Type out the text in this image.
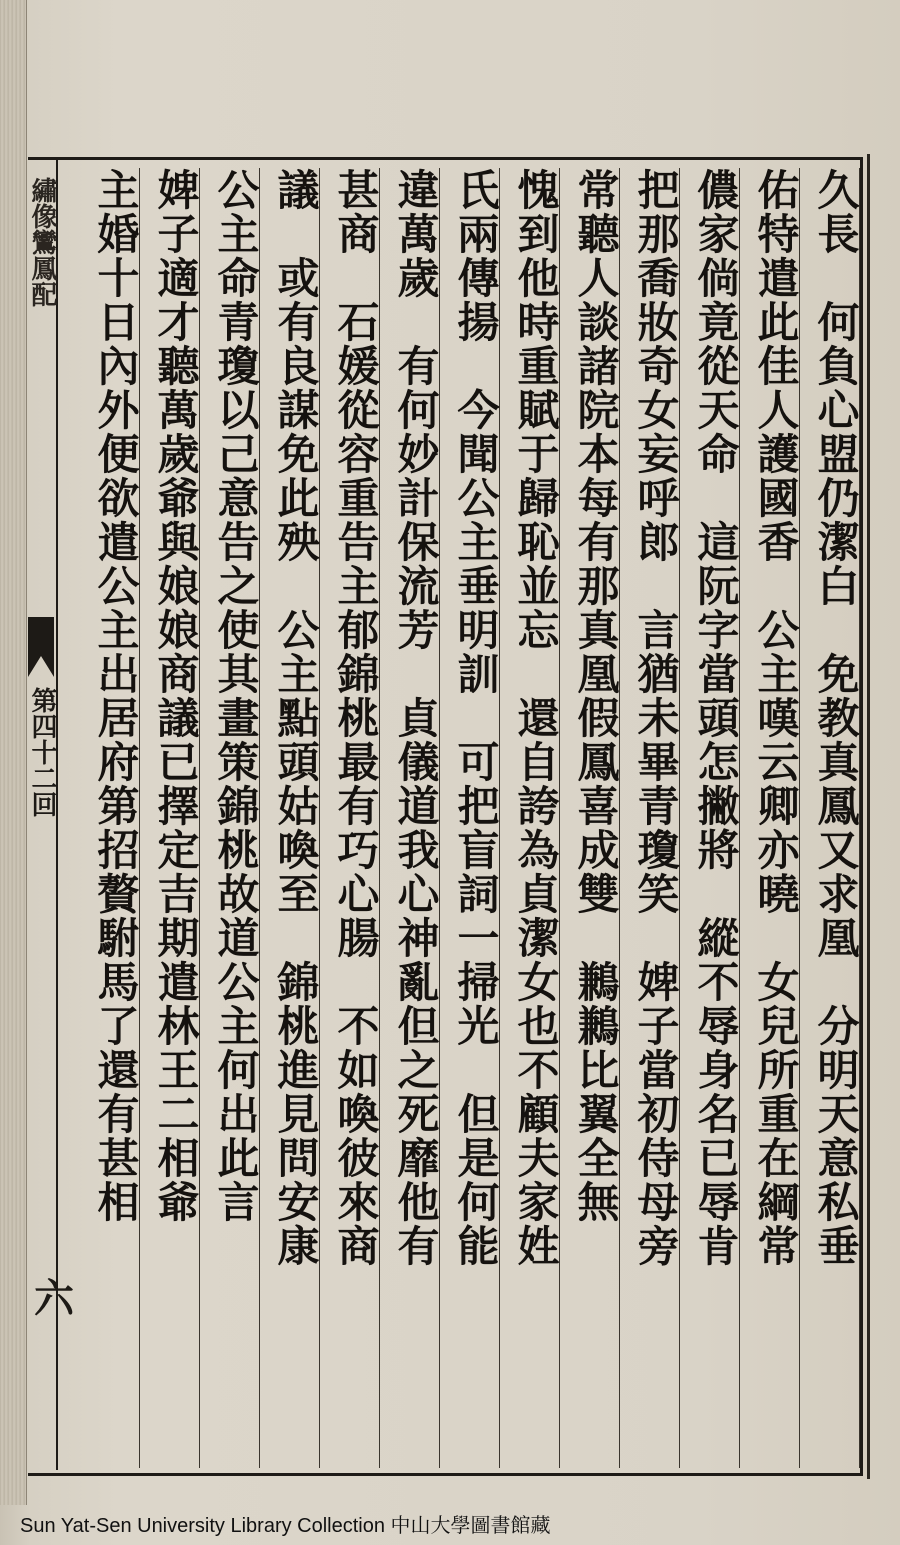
繡像鸞鳳配
第四十二回
六
久長　何負心盟仍潔白　免教真鳳又求凰　分明天意私垂
佑特遣此佳人護國香　公主嘆云卿亦曉　女兒所重在綱常
儂家倘竟從天命　這阮字當頭怎撇將　縱不辱身名已辱肯
把那喬妝奇女妄呼郎　言猶未畢青瓊笑　婢子當初侍母旁
常聽人談諸院本每有那真凰假鳳喜成雙　鶼鶼比翼全無
愧到他時重賦于歸恥並忘　還自誇為貞潔女也不顧夫家姓
氏兩傳揚　今聞公主垂明訓　可把盲詞一掃光　但是何能
違萬歲　有何妙計保流芳　貞儀道我心神亂但之死靡他有
甚商　石媛從容重告主郁錦桃最有巧心腸　不如喚彼來商
議　或有良謀免此殃　公主點頭姑喚至　錦桃進見問安康
公主命青瓊以己意告之使其畫策錦桃故道公主何出此言
婢子適才聽萬歲爺與娘娘商議已擇定吉期遣林王二相爺
主婚十日內外便欲遣公主出居府第招贅駙馬了還有甚相
Sun Yat-Sen University Library Collection 中山大學圖書館藏
